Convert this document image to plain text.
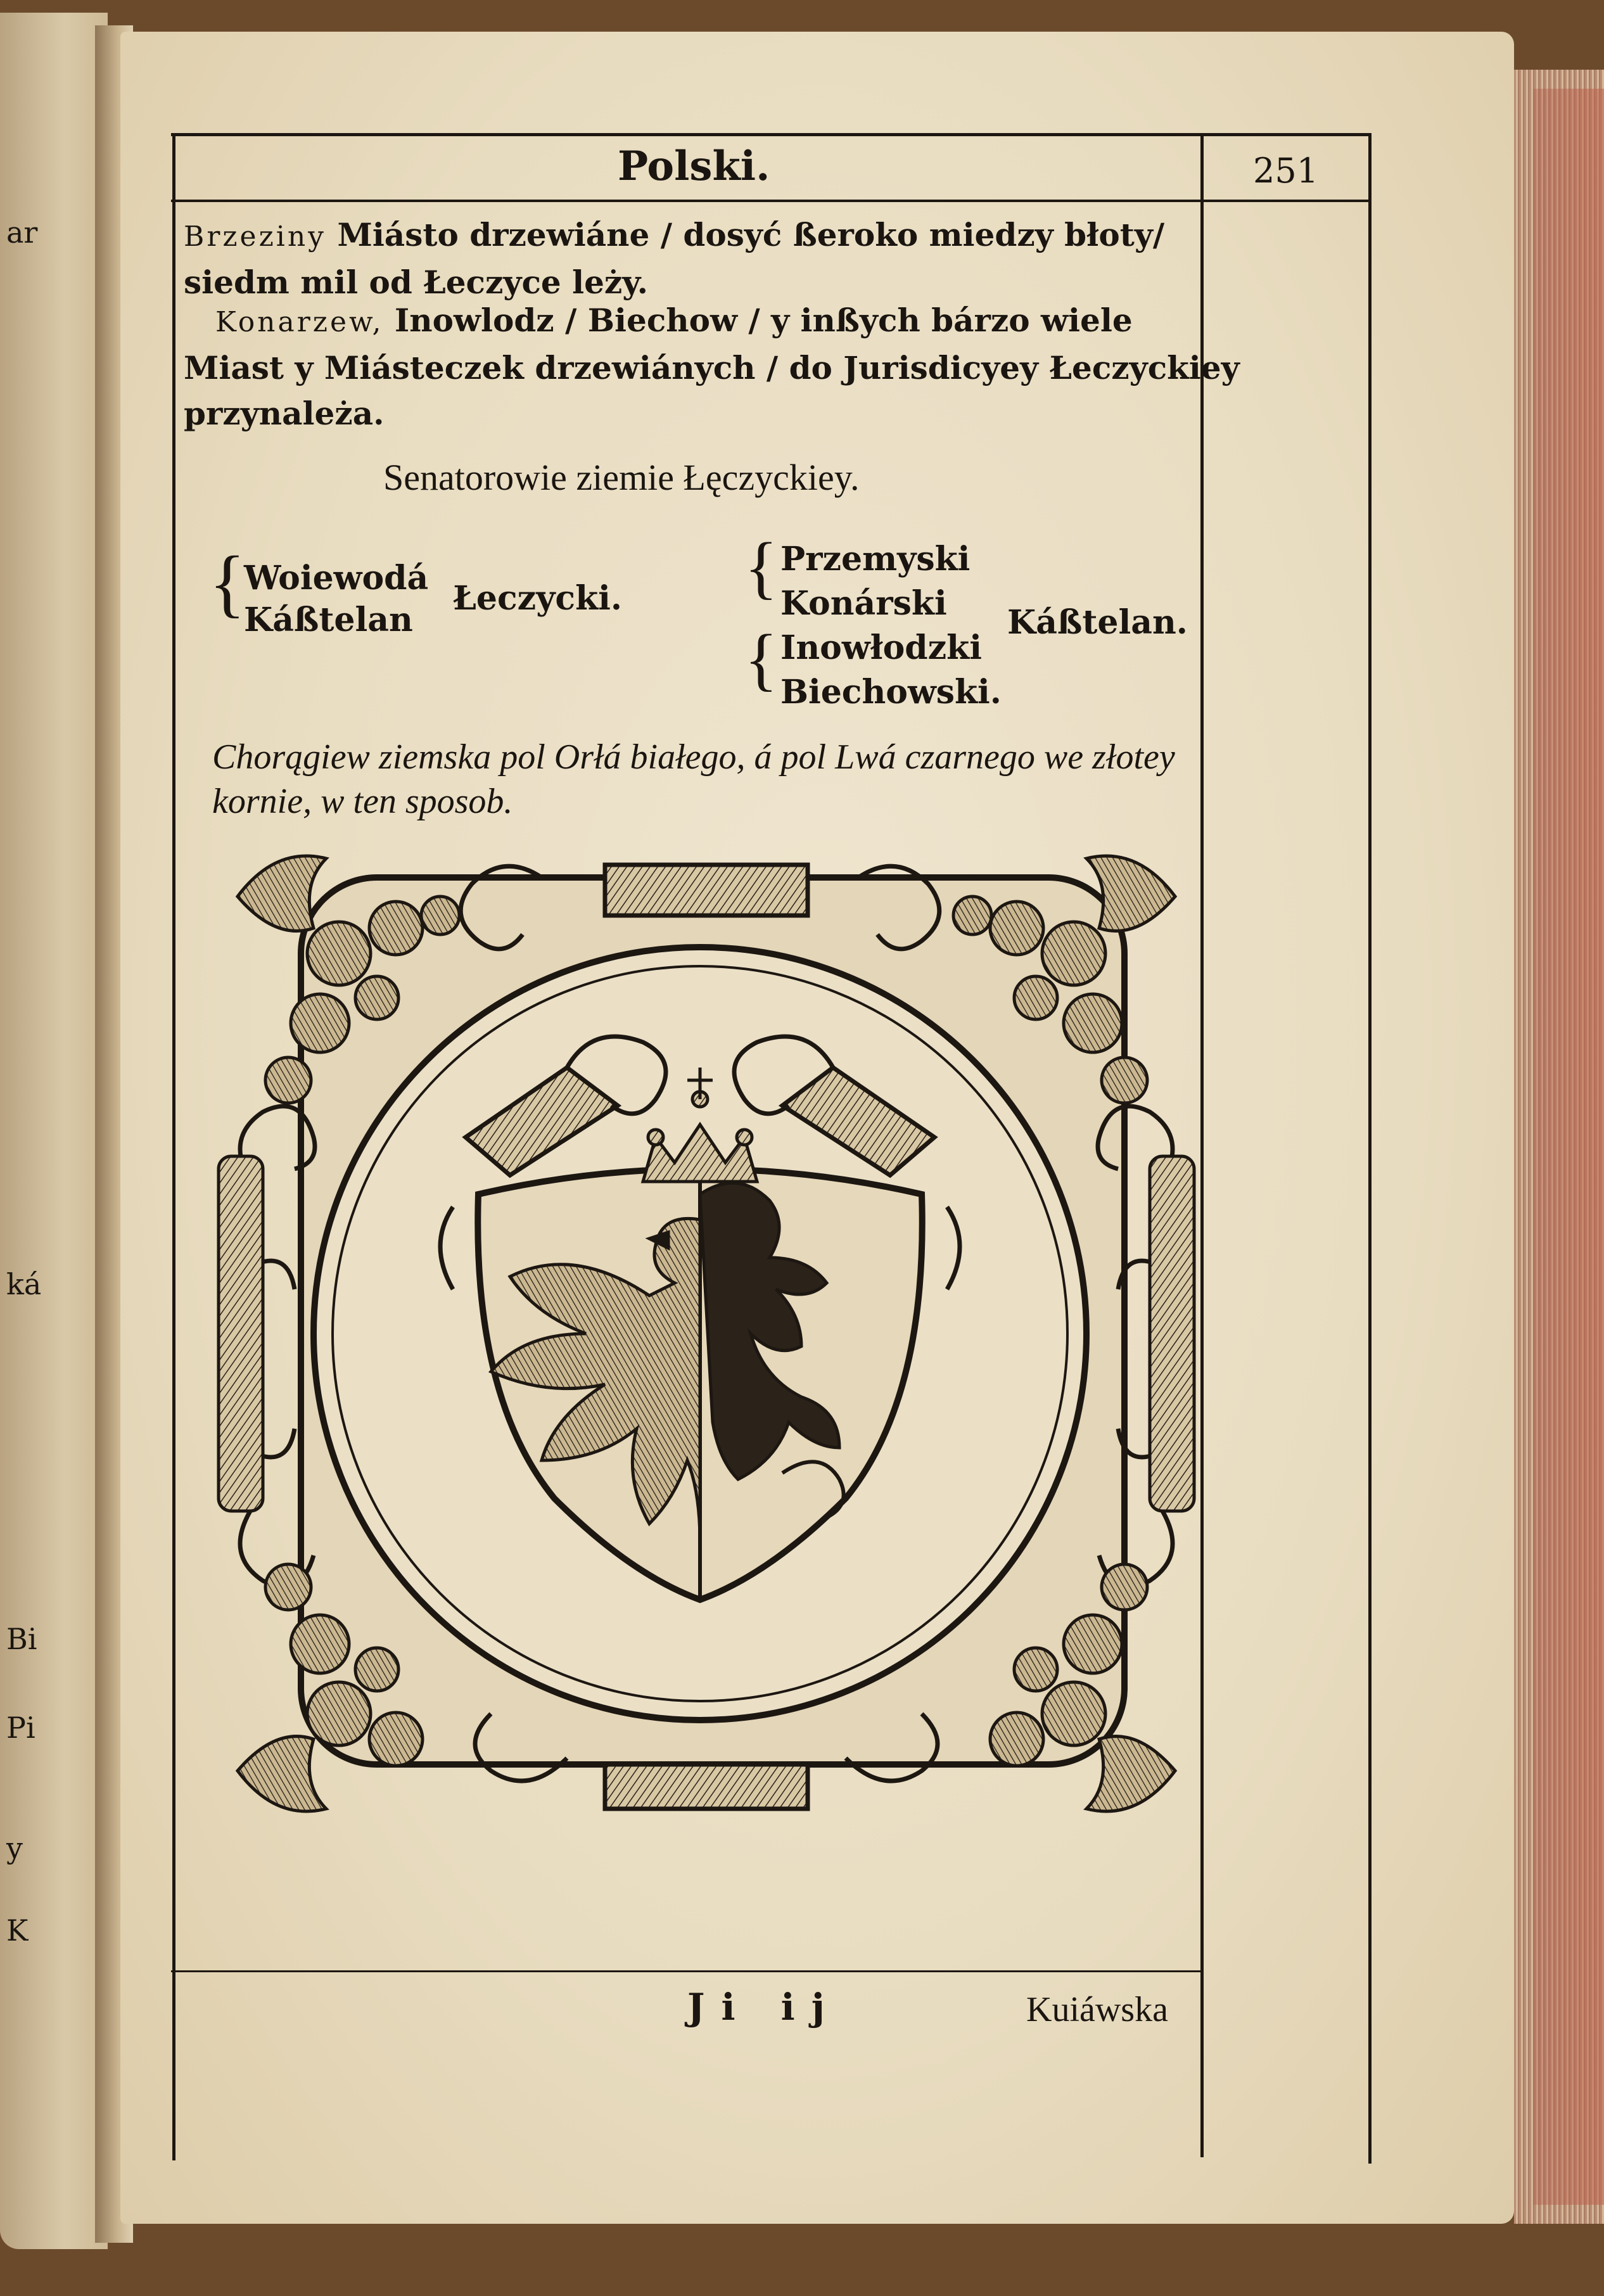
ar
ká
Bi
Pi
y
K
Polski.	251
Brzeziny Miásto drzewiáne / dosyć ßeroko miedzy błoty/
siedm mil od Łeczyce leży.
Konarzew, Inowlodz / Biechow / y inßych bárzo wiele
Miast y Miásteczek drzewiánych / do Jurisdicyey Łeczyckiey
przynależa.
Senatorowie ziemie Łęczyckiey.
{
Woiewodá
Káßtelan
Łeczycki. {
{
Przemyski
Konárski
Inowłodzki
Biechowski.
Káßtelan.
Chorągiew ziemska pol Orłá białego, á pol Lwá czarnego we złotey
kornie, w ten sposob.
Ji ij	Kuiáwska
